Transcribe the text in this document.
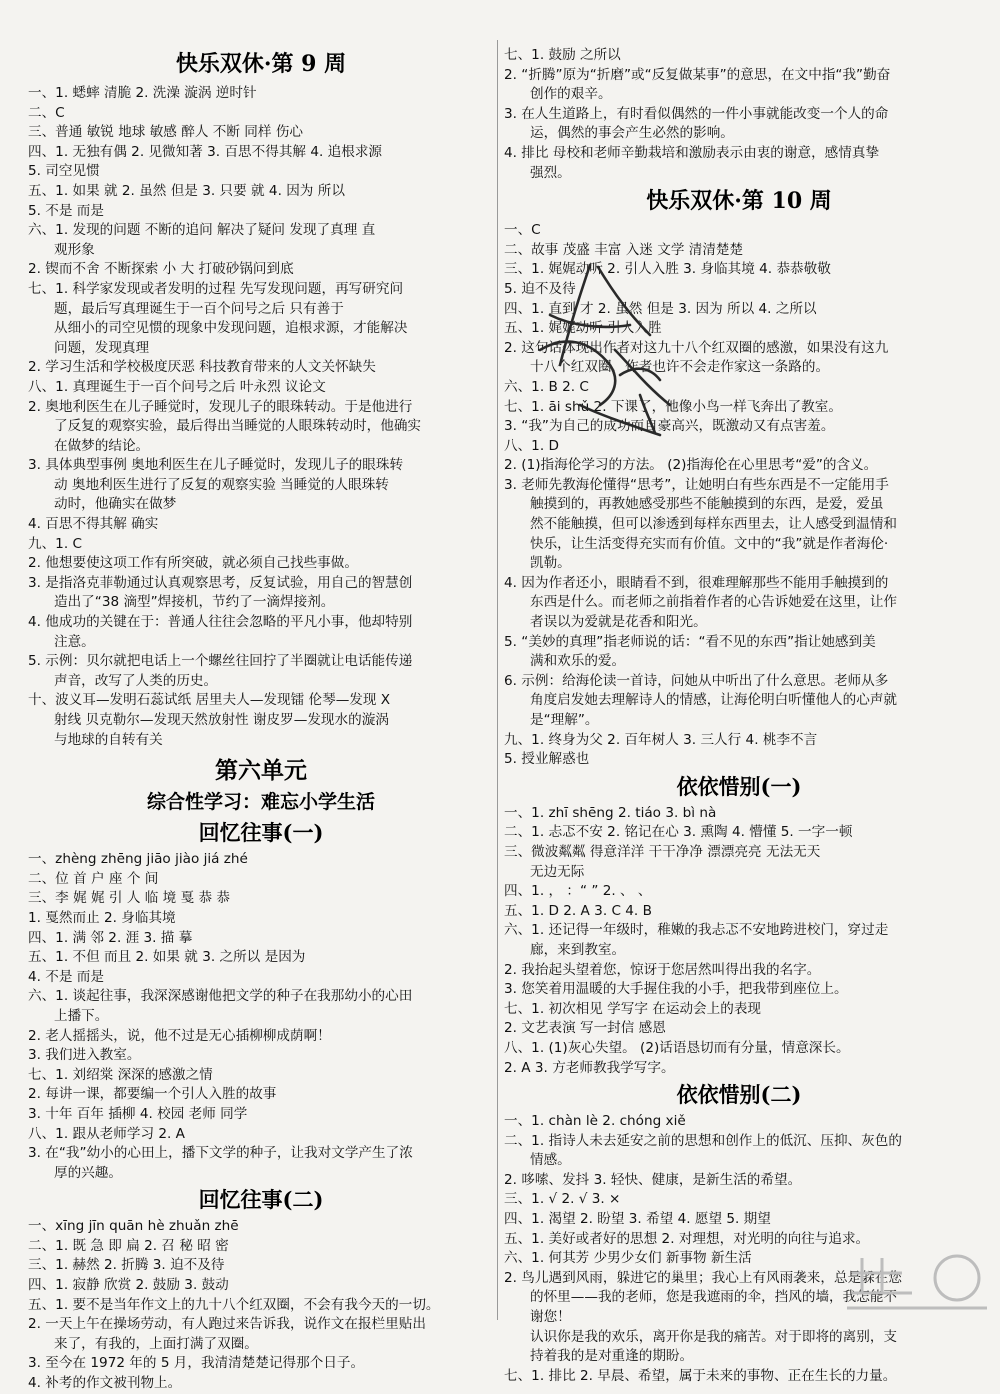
快乐双休·第 9 周
一、1. 蟋蟀 清脆 2. 洗澡 漩涡 逆时针
二、C
三、普通 敏锐 地球 敏感 醉人 不断 同样 伤心
四、1. 无独有偶 2. 见微知著 3. 百思不得其解 4. 追根求源
5. 司空见惯
五、1. 如果 就 2. 虽然 但是 3. 只要 就 4. 因为 所以
5. 不是 而是
六、1. 发现的问题 不断的追问 解决了疑问 发现了真理 直
观形象
2. 锲而不舍 不断探索 小 大 打破砂锅问到底
七、1. 科学家发现或者发明的过程 先写发现问题，再写研究问
题，最后写真理诞生于一百个问号之后 只有善于
从细小的司空见惯的现象中发现问题，追根求源，才能解决
问题，发现真理
2. 学习生活和学校极度厌恶 科技教育带来的人文关怀缺失
八、1. 真理诞生于一百个问号之后 叶永烈 议论文
2. 奥地利医生在儿子睡觉时，发现儿子的眼珠转动。于是他进行
了反复的观察实验，最后得出当睡觉的人眼珠转动时，他确实
在做梦的结论。
3. 具体典型事例 奥地利医生在儿子睡觉时，发现儿子的眼珠转
动 奥地利医生进行了反复的观察实验 当睡觉的人眼珠转
动时，他确实在做梦
4. 百思不得其解 确实
九、1. C
2. 他想要使这项工作有所突破，就必须自己找些事做。
3. 是指洛克菲勒通过认真观察思考，反复试验，用自己的智慧创
造出了“38 滴型”焊接机，节约了一滴焊接剂。
4. 他成功的关键在于：普通人往往会忽略的平凡小事，他却特别
注意。
5. 示例：贝尔就把电话上一个螺丝往回拧了半圈就让电话能传递
声音，改写了人类的历史。
十、波义耳—发明石蕊试纸 居里夫人—发现镭 伦琴—发现 X
射线 贝克勒尔—发现天然放射性 谢皮罗—发现水的漩涡
与地球的自转有关
第六单元
综合性学习：难忘小学生活
回忆往事(一)
一、zhèng zhēng jiāo jiào jiá zhé
二、位 首 户 座 个 间
三、李 娓 娓 引 人 临 境 戛 恭 恭
1. 戛然而止 2. 身临其境
四、1. 满 邻 2. 涯 3. 描 摹
五、1. 不但 而且 2. 如果 就 3. 之所以 是因为
4. 不是 而是
六、1. 谈起往事，我深深感谢他把文学的种子在我那幼小的心田
上播下。
2. 老人摇摇头，说，他不过是无心插柳柳成荫啊！
3. 我们进入教室。
七、1. 刘绍棠 深深的感激之情
2. 每讲一课，都要编一个引人入胜的故事
3. 十年 百年 插柳 4. 校园 老师 同学
八、1. 跟从老师学习 2. A
3. 在“我”幼小的心田上，播下文学的种子，让我对文学产生了浓
厚的兴趣。
回忆往事(二)
一、xīng jīn quān hè zhuǎn zhē
二、1. 既 急 即 扁 2. 召 秘 昭 密
三、1. 赫然 2. 折腾 3. 迫不及待
四、1. 寂静 欣赏 2. 鼓励 3. 鼓动
五、1. 要不是当年作文上的九十八个红双圈，不会有我今天的一切。
2. 一天上午在操场劳动，有人跑过来告诉我，说作文在报栏里贴出
来了，有我的，上面打满了双圈。
3. 至今在 1972 年的 5 月，我清清楚楚记得那个日子。
4. 补考的作文被刊物上。
七、1. 鼓励 之所以
2. “折腾”原为“折磨”或“反复做某事”的意思，在文中指“我”勤奋
创作的艰辛。
3. 在人生道路上，有时看似偶然的一件小事就能改变一个人的命
运，偶然的事会产生必然的影响。
4. 排比 母校和老师辛勤栽培和激励表示由衷的谢意，感情真挚
强烈。
快乐双休·第 10 周
一、C
二、故事 茂盛 丰富 入迷 文学 清清楚楚
三、1. 娓娓动听 2. 引人入胜 3. 身临其境 4. 恭恭敬敬
5. 迫不及待
四、1. 直到 才 2. 虽然 但是 3. 因为 所以 4. 之所以
五、1. 娓娓动听 引人入胜
2. 这句话体现出作者对这九十八个红双圈的感激，如果没有这九
十八个红双圈，作者也许不会走作家这一条路的。
六、1. B 2. C
七、1. āi shǔ 2. 下课了，他像小鸟一样飞奔出了教室。
3. “我”为自己的成功而自豪高兴，既激动又有点害羞。
八、1. D
2. (1)指海伦学习的方法。 (2)指海伦在心里思考“爱”的含义。
3. 老师先教海伦懂得“思考”，让她明白有些东西是不一定能用手
触摸到的，再教她感受那些不能触摸到的东西，是爱，爱虽
然不能触摸，但可以渗透到每样东西里去，让人感受到温情和
快乐，让生活变得充实而有价值。文中的“我”就是作者海伦·
凯勒。
4. 因为作者还小，眼睛看不到，很难理解那些不能用手触摸到的
东西是什么。而老师之前指着作者的心告诉她爱在这里，让作
者误以为爱就是花香和阳光。
5. “美妙的真理”指老师说的话：“看不见的东西”指让她感到美
满和欢乐的爱。
6. 示例：给海伦读一首诗，问她从中听出了什么意思。老师从多
角度启发她去理解诗人的情感，让海伦明白听懂他人的心声就
是“理解”。
九、1. 终身为父 2. 百年树人 3. 三人行 4. 桃李不言
5. 授业解惑也
依依惜别(一)
一、1. zhī shēng 2. tiáo 3. bì nà
二、1. 忐忑不安 2. 铭记在心 3. 熏陶 4. 懵懂 5. 一字一顿
三、微波粼粼 得意洋洋 干干净净 漂漂亮亮 无法无天
无边无际
四、1. ， ：“ ” 2. 、 、
五、1. D 2. A 3. C 4. B
六、1. 还记得一年级时，稚嫩的我忐忑不安地跨进校门，穿过走
廊，来到教室。
2. 我抬起头望着您，惊讶于您居然叫得出我的名字。
3. 您笑着用温暖的大手握住我的小手，把我带到座位上。
七、1. 初次相见 学写字 在运动会上的表现
2. 文艺表演 写一封信 感恩
八、1. (1)灰心失望。 (2)话语恳切而有分量，情意深长。
2. A 3. 方老师教我学写字。
依依惜别(二)
一、1. chàn lè 2. chóng xiě
二、1. 指诗人未去延安之前的思想和创作上的低沉、压抑、灰色的
情感。
2. 哆嗦、发抖 3. 轻快、健康，是新生活的希望。
三、1. √ 2. √ 3. ×
四、1. 渴望 2. 盼望 3. 希望 4. 愿望 5. 期望
五、1. 美好或者好的思想 2. 对理想，对光明的向往与追求。
六、1. 何其芳 少男少女们 新事物 新生活
2. 鸟儿遇到风雨，躲进它的巢里；我心上有风雨袭来，总是躲在您
的怀里——我的老师，您是我遮雨的伞，挡风的墙，我怎能不
谢您！
认识你是我的欢乐，离开你是我的痛苦。对于即将的离别，支
持着我的是对重逢的期盼。
七、1. 排比 2. 早晨、希望，属于未来的事物、正在生长的力量。
